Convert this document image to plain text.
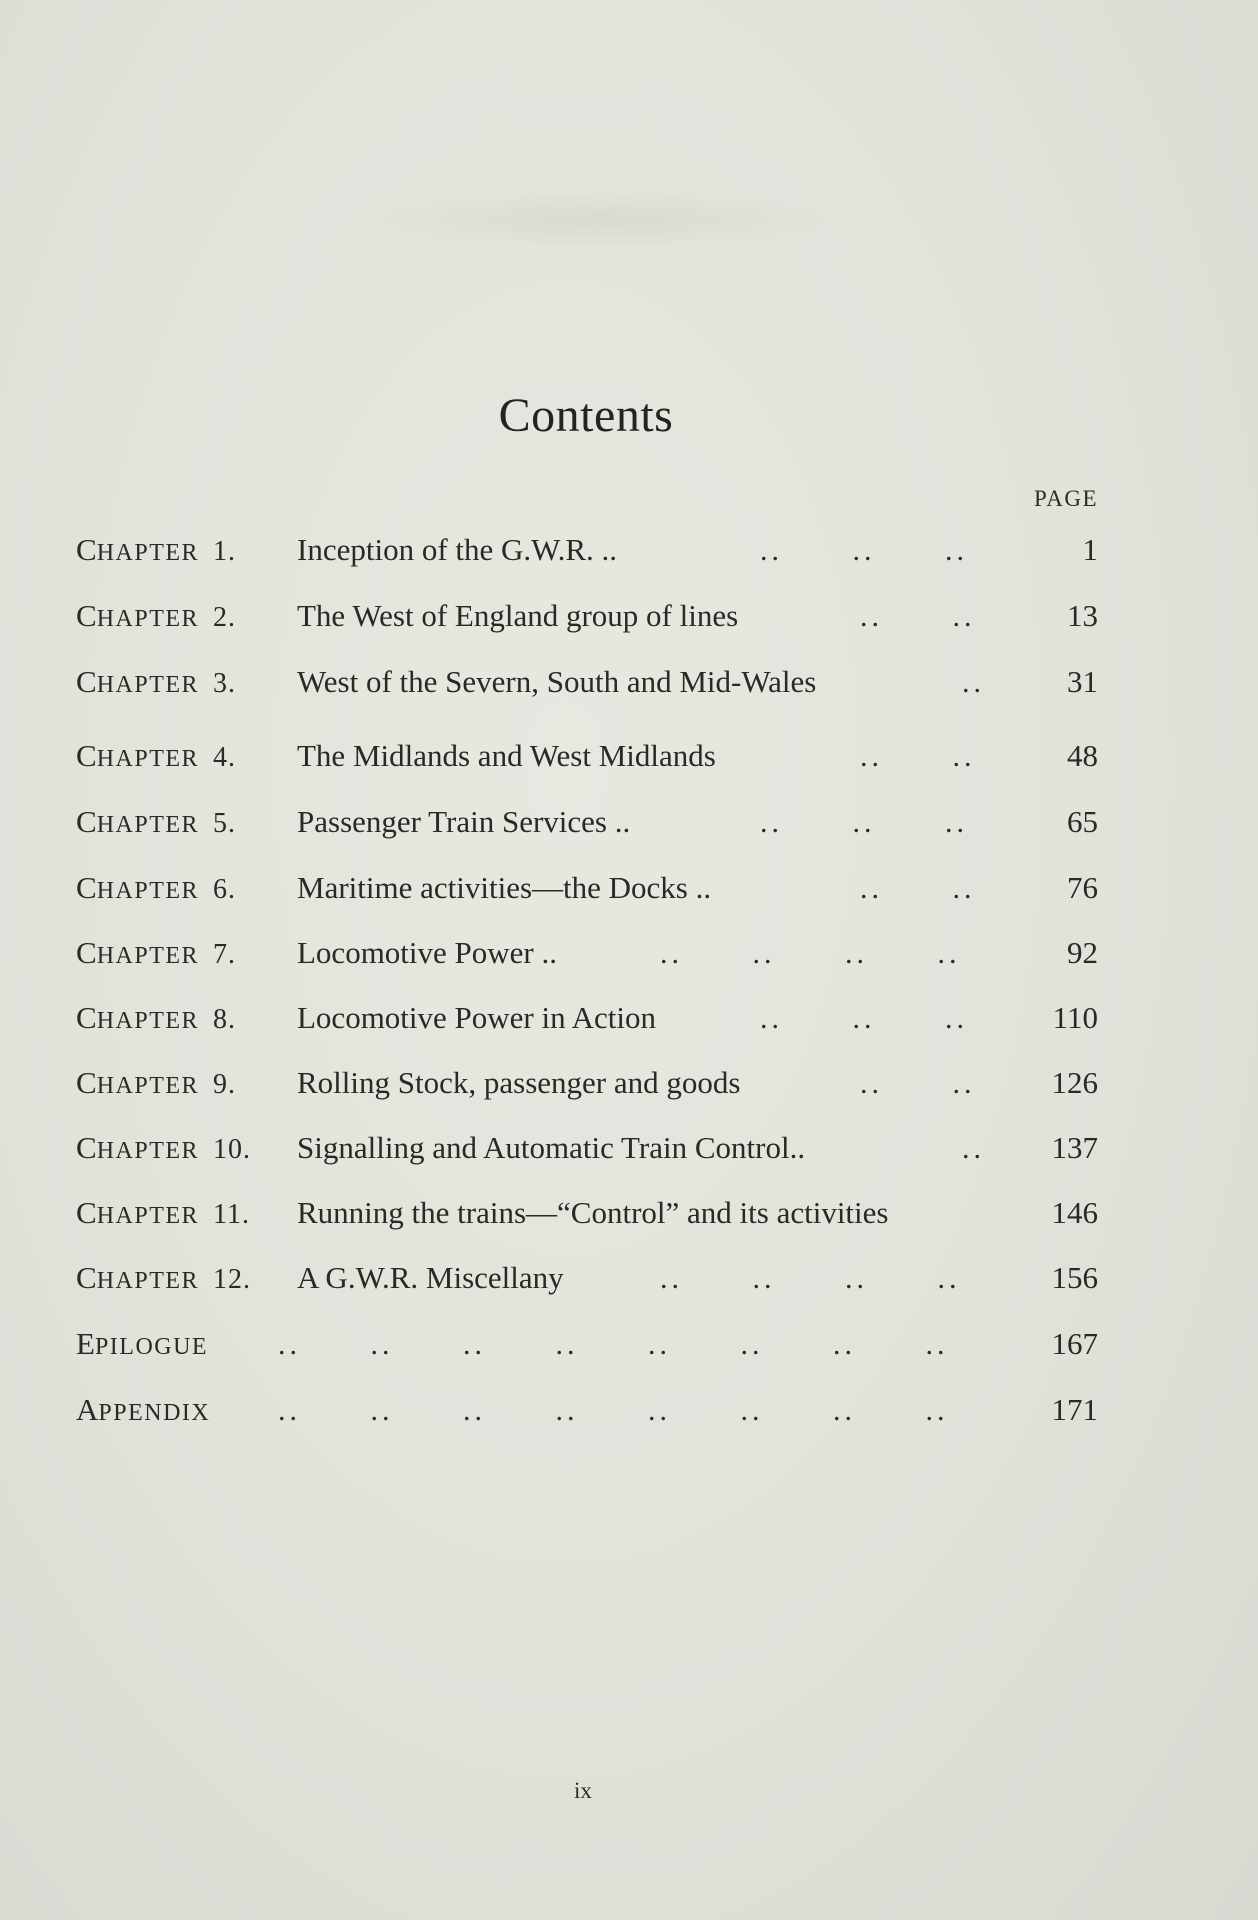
Contents
PAGE
CHAPTER 1. Inception of the G.W.R. ..	.. .. ..	1
CHAPTER 2. The West of England group of lines	.. ..	13
CHAPTER 3. West of the Severn, South and Mid-Wales	..	31
CHAPTER 4. The Midlands and West Midlands	.. ..	48
CHAPTER 5. Passenger Train Services ..	.. .. ..	65
CHAPTER 6. Maritime activities—the Docks ..	.. ..	76
CHAPTER 7. Locomotive Power ..	.. .. .. ..	92
CHAPTER 8. Locomotive Power in Action	.. .. ..	110
CHAPTER 9. Rolling Stock, passenger and goods	.. .. 126
CHAPTER 10. Signalling and Automatic Train Control..	.. 137
CHAPTER 11. Running the trains—“Control” and its activities	146
CHAPTER 12. A G.W.R. Miscellany	.. .. .. ..	156
EPILOGUE .. .. .. .. .. .. .. ..	167
APPENDIX .. .. .. .. .. .. .. ..	171
ix
